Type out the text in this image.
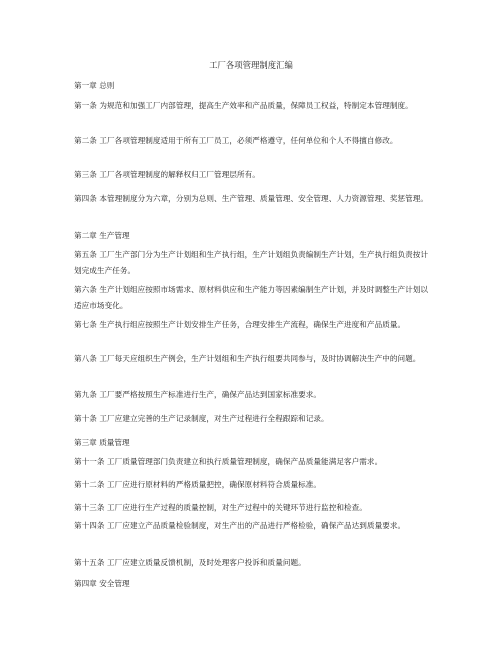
工厂各项管理制度汇编

第一章 总则

第一条 为规范和加强工厂内部管理，提高生产效率和产品质量，保障员工权益，特制定本管理制度。

第二条 工厂各项管理制度适用于所有工厂员工，必须严格遵守，任何单位和个人不得擅自修改。

第三条 工厂各项管理制度的解释权归工厂管理层所有。

第四条 本管理制度分为六章，分别为总则、生产管理、质量管理、安全管理、人力资源管理、奖惩管理。

第二章 生产管理

第五条 工厂生产部门分为生产计划组和生产执行组，生产计划组负责编制生产计划，生产执行组负责按计划完成生产任务。

第六条 生产计划组应按照市场需求、原材料供应和生产能力等因素编制生产计划，并及时调整生产计划以适应市场变化。

第七条 生产执行组应按照生产计划安排生产任务，合理安排生产流程，确保生产进度和产品质量。

第八条 工厂每天应组织生产例会，生产计划组和生产执行组要共同参与，及时协调解决生产中的问题。

第九条 工厂要严格按照生产标准进行生产，确保产品达到国家标准要求。

第十条 工厂应建立完善的生产记录制度，对生产过程进行全程跟踪和记录。

第三章 质量管理

第十一条 工厂质量管理部门负责建立和执行质量管理制度，确保产品质量能满足客户需求。

第十二条 工厂应进行原材料的严格质量把控，确保原材料符合质量标准。

第十三条 工厂应进行生产过程的质量控制，对生产过程中的关键环节进行监控和检查。

第十四条 工厂应建立产品质量检验制度，对生产出的产品进行严格检验，确保产品达到质量要求。

第十五条 工厂应建立质量反馈机制，及时处理客户投诉和质量问题。

第四章 安全管理
